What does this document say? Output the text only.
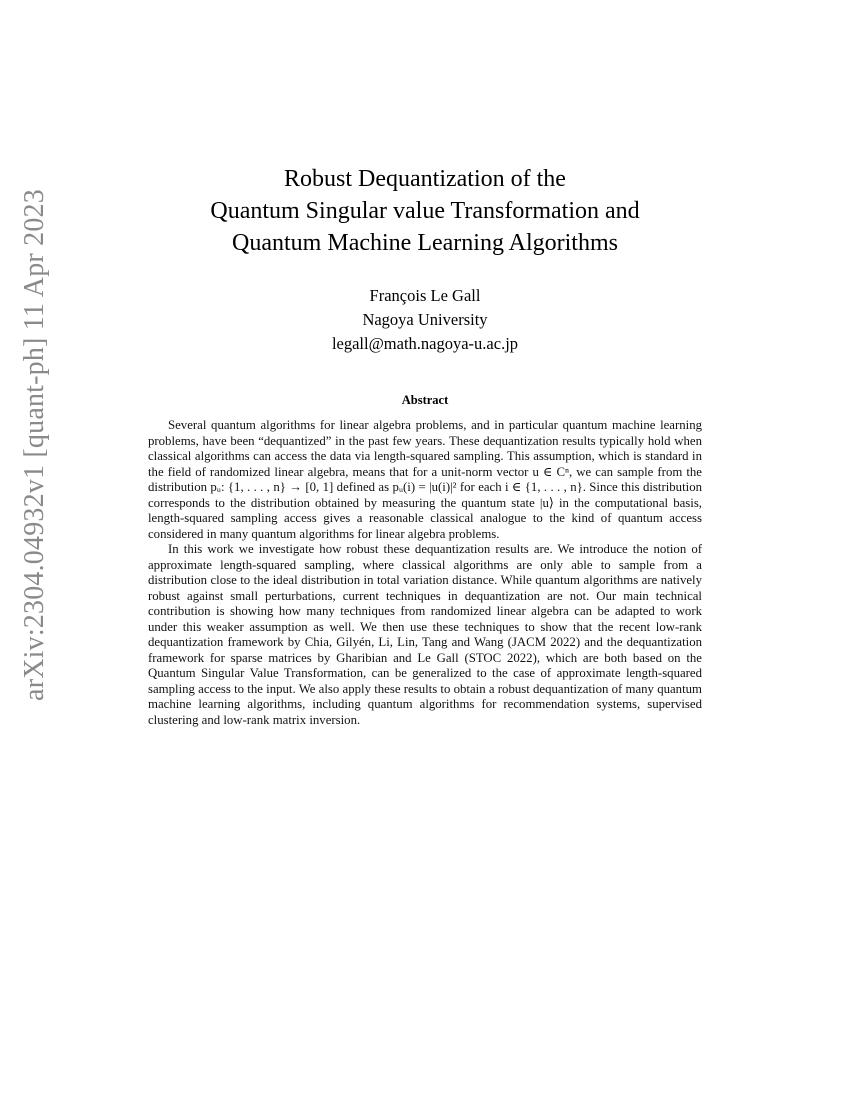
arXiv:2304.04932v1 [quant-ph] 11 Apr 2023
Robust Dequantization of the
Quantum Singular value Transformation and
Quantum Machine Learning Algorithms
François Le Gall
Nagoya University
legall@math.nagoya-u.ac.jp
Abstract

Several quantum algorithms for linear algebra problems, and in particular quantum machine learning problems, have been “dequantized” in the past few years. These dequantization results typically hold when classical algorithms can access the data via length-squared sampling. This assumption, which is standard in the field of randomized linear algebra, means that for a unit-norm vector u ∈ Cⁿ, we can sample from the distribution pᵤ: {1, . . . , n} → [0, 1] defined as pᵤ(i) = |u(i)|² for each i ∈ {1, . . . , n}. Since this distribution corresponds to the distribution obtained by measuring the quantum state |u⟩ in the computational basis, length-squared sampling access gives a reasonable classical analogue to the kind of quantum access considered in many quantum algorithms for linear algebra problems.

In this work we investigate how robust these dequantization results are. We introduce the notion of approximate length-squared sampling, where classical algorithms are only able to sample from a distribution close to the ideal distribution in total variation distance. While quantum algorithms are natively robust against small perturbations, current techniques in dequantization are not. Our main technical contribution is showing how many techniques from randomized linear algebra can be adapted to work under this weaker assumption as well. We then use these techniques to show that the recent low-rank dequantization framework by Chia, Gilyén, Li, Lin, Tang and Wang (JACM 2022) and the dequantization framework for sparse matrices by Gharibian and Le Gall (STOC 2022), which are both based on the Quantum Singular Value Transformation, can be generalized to the case of approximate length-squared sampling access to the input. We also apply these results to obtain a robust dequantization of many quantum machine learning algorithms, including quantum algorithms for recommendation systems, supervised clustering and low-rank matrix inversion.
